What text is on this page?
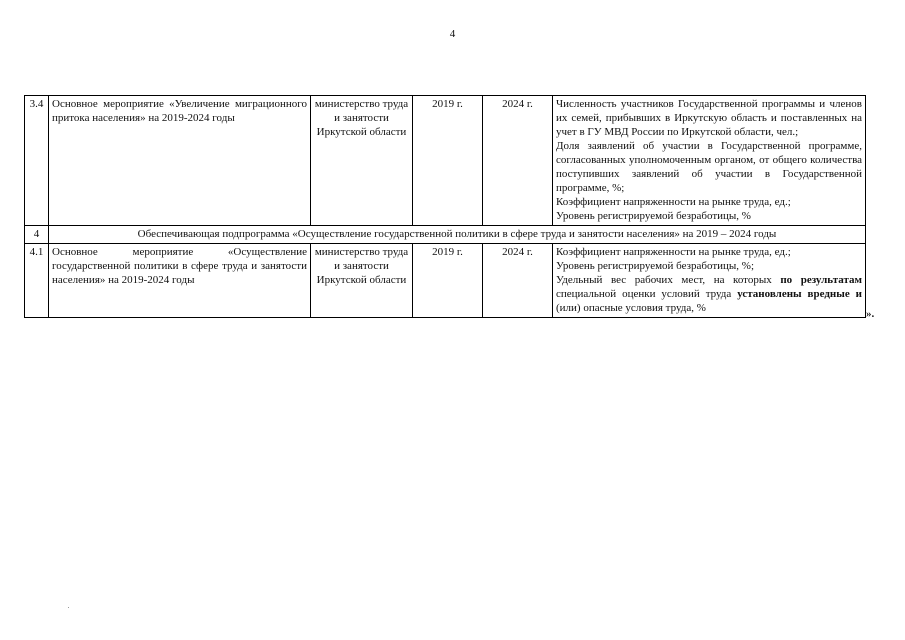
4
3.4	Основное мероприятие «Увеличение миграционного притока населения» на 2019-2024 годы	министерство труда и занятости Иркутской области	2019 г.	2024 г.	Численность участников Государственной программы и членов их семей, прибывших в Иркутскую область и поставленных на учет в ГУ МВД России по Иркутской области, чел.;
Доля заявлений об участии в Государственной программе, согласованных уполномоченным органом, от общего количества поступивших заявлений об участии в Государственной программе, %;
Коэффициент напряженности на рынке труда, ед.;
Уровень регистрируемой безработицы, %

4	Обеспечивающая подпрограмма «Осуществление государственной политики в сфере труда и занятости населения» на 2019 – 2024 годы				
4.1	Основное мероприятие «Осуществление государственной политики в сфере труда и занятости населения» на 2019-2024 годы	министерство труда и занятости Иркутской области	2019 г.	2024 г.	Коэффициент напряженности на рынке труда, ед.;
Уровень регистрируемой безработицы, %;
Удельный вес рабочих мест, на которых по результатам специальной оценки условий труда установлены вредные и (или) опасные условия труда, %	».
